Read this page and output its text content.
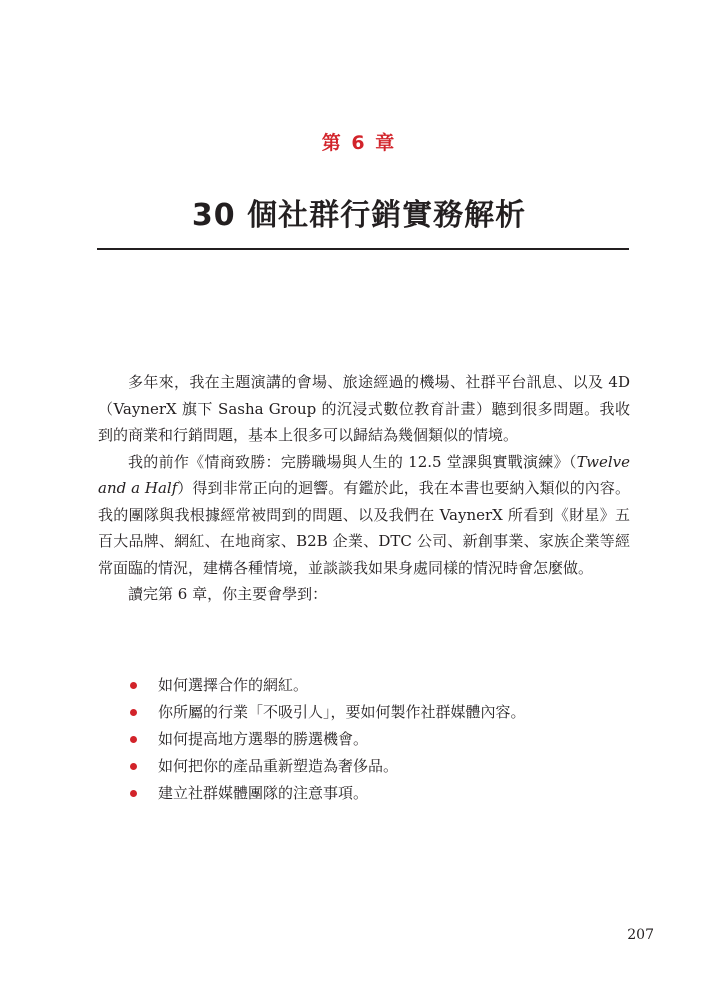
第 6 章
30 個社群行銷實務解析

多年來，我在主題演講的會場、旅途經過的機場、社群平台訊息、以及 4D（VaynerX 旗下 Sasha Group 的沉浸式數位教育計畫）聽到很多問題。我收到的商業和行銷問題，基本上很多可以歸結為幾個類似的情境。

我的前作《情商致勝：完勝職場與人生的 12.5 堂課與實戰演練》（Twelve and a Half）得到非常正向的迴響。有鑑於此，我在本書也要納入類似的內容。我的團隊與我根據經常被問到的問題、以及我們在 VaynerX 所看到《財星》五百大品牌、網紅、在地商家、B2B 企業、DTC 公司、新創事業、家族企業等經常面臨的情況，建構各種情境，並談談我如果身處同樣的情況時會怎麼做。

讀完第 6 章，你主要會學到：

如何選擇合作的網紅。
你所屬的行業「不吸引人」，要如何製作社群媒體內容。
如何提高地方選舉的勝選機會。
如何把你的產品重新塑造為奢侈品。
建立社群媒體團隊的注意事項。
207
